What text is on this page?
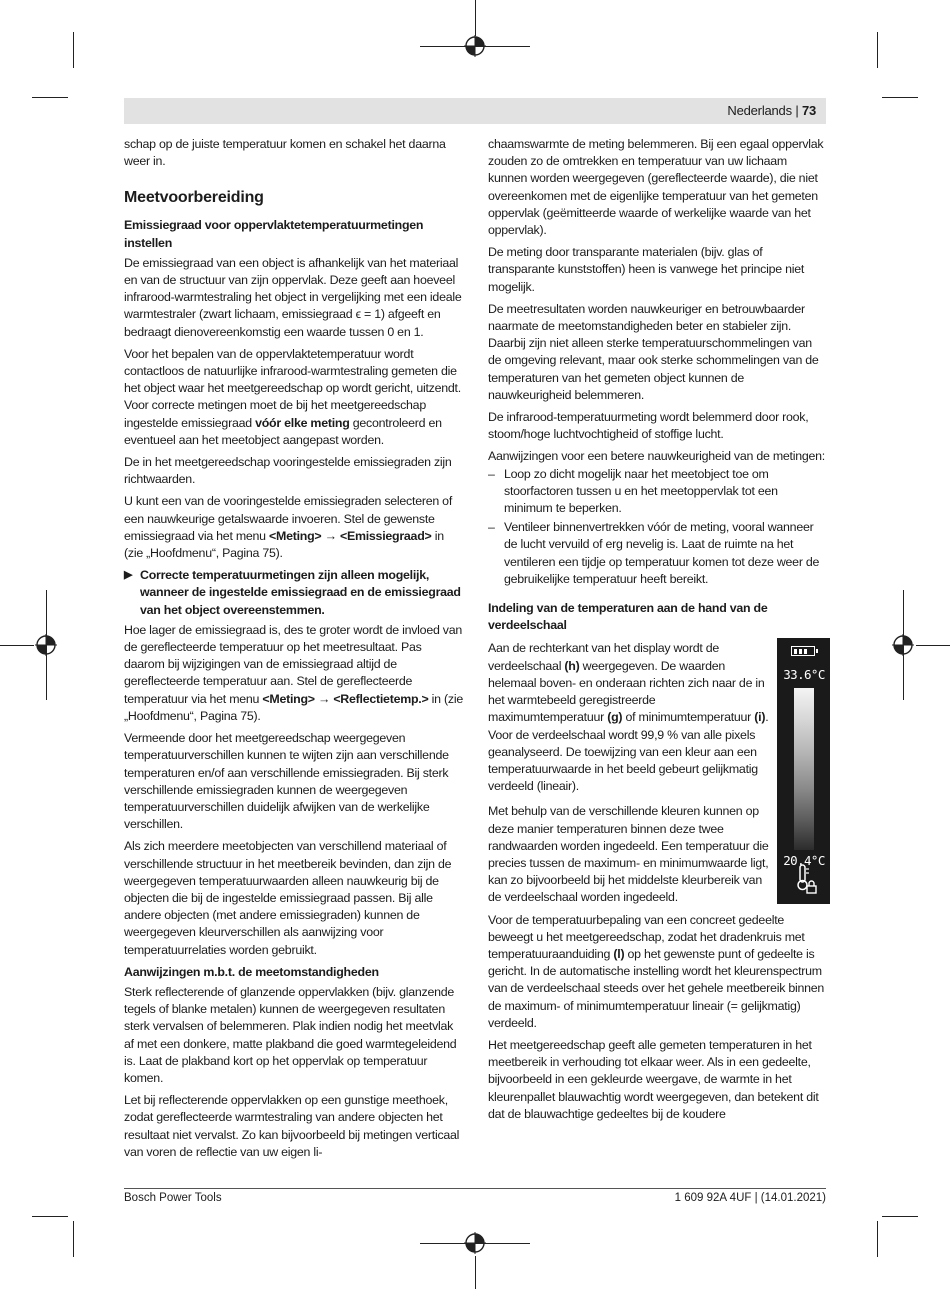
Nederlands | 73

schap op de juiste temperatuur komen en schakel het daarna weer in.

Meetvoorbereiding
Emissiegraad voor oppervlaktetemperatuurmetingen instellen

De emissiegraad van een object is afhankelijk van het materiaal en van de structuur van zijn oppervlak. Deze geeft aan hoeveel infrarood-warmtestraling het object in vergelijking met een ideale warmtestraler (zwart lichaam, emissiegraad ϵ = 1) afgeeft en bedraagt dienovereenkomstig een waarde tussen 0 en 1.

Voor het bepalen van de oppervlaktetemperatuur wordt contactloos de natuurlijke infrarood-warmtestraling gemeten die het object waar het meetgereedschap op wordt gericht, uitzendt. Voor correcte metingen moet de bij het meetgereedschap ingestelde emissiegraad vóór elke meting gecontroleerd en eventueel aan het meetobject aangepast worden.

De in het meetgereedschap vooringestelde emissiegraden zijn richtwaarden.

U kunt een van de vooringestelde emissiegraden selecteren of een nauwkeurige getalswaarde invoeren. Stel de gewenste emissiegraad via het menu <Meting> → <Emissiegraad> in (zie „Hoofdmenu“, Pagina 75).

▶ Correcte temperatuurmetingen zijn alleen mogelijk, wanneer de ingestelde emissiegraad en de emissiegraad van het object overeenstemmen.

Hoe lager de emissiegraad is, des te groter wordt de invloed van de gereflecteerde temperatuur op het meetresultaat. Pas daarom bij wijzigingen van de emissiegraad altijd de gereflecteerde temperatuur aan. Stel de gereflecteerde temperatuur via het menu <Meting> → <Reflectietemp.> in (zie „Hoofdmenu“, Pagina 75).

Vermeende door het meetgereedschap weergegeven temperatuurverschillen kunnen te wijten zijn aan verschillende temperaturen en/of aan verschillende emissiegraden. Bij sterk verschillende emissiegraden kunnen de weergegeven temperatuurverschillen duidelijk afwijken van de werkelijke verschillen.

Als zich meerdere meetobjecten van verschillend materiaal of verschillende structuur in het meetbereik bevinden, dan zijn de weergegeven temperatuurwaarden alleen nauwkeurig bij de objecten die bij de ingestelde emissiegraad passen. Bij alle andere objecten (met andere emissiegraden) kunnen de weergegeven kleurverschillen als aanwijzing voor temperatuurrelaties worden gebruikt.

Aanwijzingen m.b.t. de meetomstandigheden

Sterk reflecterende of glanzende oppervlakken (bijv. glanzende tegels of blanke metalen) kunnen de weergegeven resultaten sterk vervalsen of belemmeren. Plak indien nodig het meetvlak af met een donkere, matte plakband die goed warmtegeleidend is. Laat de plakband kort op het oppervlak op temperatuur komen.

Let bij reflecterende oppervlakken op een gunstige meethoek, zodat gereflecteerde warmtestraling van andere objecten het resultaat niet vervalst. Zo kan bijvoorbeeld bij metingen verticaal van voren de reflectie van uw eigen li-

chaamswarmte de meting belemmeren. Bij een egaal oppervlak zouden zo de omtrekken en temperatuur van uw lichaam kunnen worden weergegeven (gereflecteerde waarde), die niet overeenkomen met de eigenlijke temperatuur van het gemeten oppervlak (geëmitteerde waarde of werkelijke waarde van het oppervlak).

De meting door transparante materialen (bijv. glas of transparante kunststoffen) heen is vanwege het principe niet mogelijk.

De meetresultaten worden nauwkeuriger en betrouwbaarder naarmate de meetomstandigheden beter en stabieler zijn. Daarbij zijn niet alleen sterke temperatuurschommelingen van de omgeving relevant, maar ook sterke schommelingen van de temperaturen van het gemeten object kunnen de nauwkeurigheid belemmeren.

De infrarood-temperatuurmeting wordt belemmerd door rook, stoom/hoge luchtvochtigheid of stoffige lucht.

Aanwijzingen voor een betere nauwkeurigheid van de metingen:

– Loop zo dicht mogelijk naar het meetobject toe om stoorfactoren tussen u en het meetoppervlak tot een minimum te beperken.
– Ventileer binnenvertrekken vóór de meting, vooral wanneer de lucht vervuild of erg nevelig is. Laat de ruimte na het ventileren een tijdje op temperatuur komen tot deze weer de gebruikelijke temperatuur heeft bereikt.
Indeling van de temperaturen aan de hand van de verdeelschaal
33.6°C
20.4°C

Aan de rechterkant van het display wordt de verdeelschaal (h) weergegeven. De waarden helemaal boven- en onderaan richten zich naar de in het warmtebeeld geregistreerde maximumtemperatuur (g) of minimumtemperatuur (i). Voor de verdeelschaal wordt 99,9 % van alle pixels geanalyseerd. De toewijzing van een kleur aan een temperatuurwaarde in het beeld gebeurt gelijkmatig verdeeld (lineair).

Met behulp van de verschillende kleuren kunnen op deze manier temperaturen binnen deze twee randwaarden worden ingedeeld. Een temperatuur die precies tussen de maximum- en minimumwaarde ligt, kan zo bijvoorbeeld bij het middelste kleurbereik van de verdeelschaal worden ingedeeld.

Voor de temperatuurbepaling van een concreet gedeelte beweegt u het meetgereedschap, zodat het dradenkruis met temperatuuraanduiding (l) op het gewenste punt of gedeelte is gericht. In de automatische instelling wordt het kleurenspectrum van de verdeelschaal steeds over het gehele meetbereik binnen de maximum- of minimumtemperatuur lineair (= gelijkmatig) verdeeld.

Het meetgereedschap geeft alle gemeten temperaturen in het meetbereik in verhouding tot elkaar weer. Als in een gedeelte, bijvoorbeeld in een gekleurde weergave, de warmte in het kleurenpallet blauwachtig wordt weergegeven, dan betekent dit dat de blauwachtige gedeeltes bij de koudere

Bosch Power Tools	1 609 92A 4UF | (14.01.2021)
